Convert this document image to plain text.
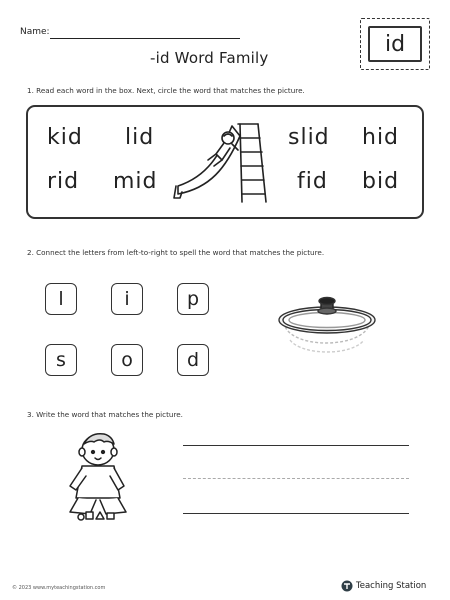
Name:
-id Word Family
id
1. Read each word in the box. Next, circle the word that matches the picture.
kid lid	slid hid
rid mid	fid bid
2. Connect the letters from left-to-right to spell the word that matches the picture.
l	i	p
s	o	d
3. Write the word that matches the picture.
© 2023 www.myteachingstation.com	Teaching Station
